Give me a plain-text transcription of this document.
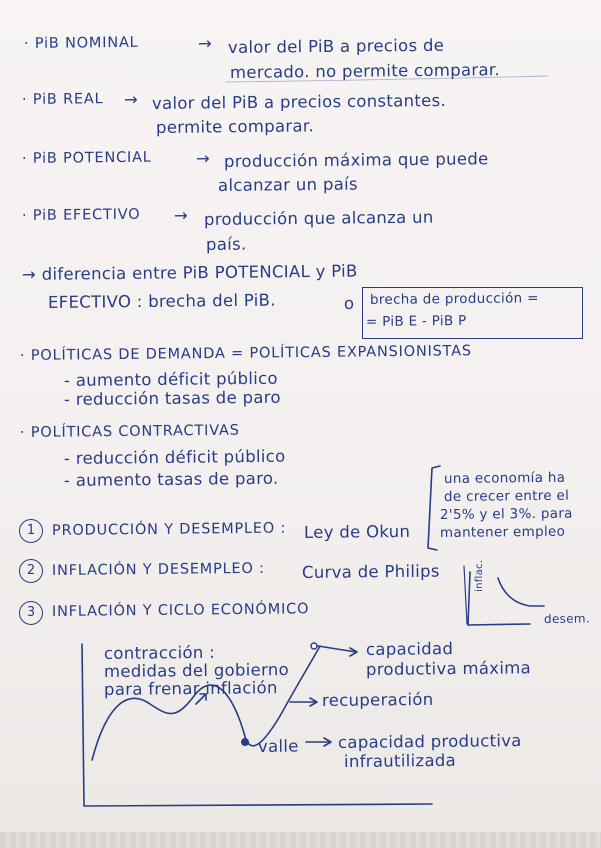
· PiB NOMINAL	→ valor del PiB a precios de
mercado. no permite comparar.
· PiB REAL → valor del PiB a precios constantes.
permite comparar.
· PiB POTENCIAL	→ producción máxima que puede
alcanzar un país
· PiB EFECTIVO → producción que alcanza un
país.
→ diferencia entre PiB POTENCIAL y PiB
EFECTIVO : brecha del PiB.	o brecha de producción =
= PiB E - PiB P
· POLÍTICAS DE DEMANDA = POLÍTICAS EXPANSIONISTAS
- aumento déficit público
- reducción tasas de paro
· POLÍTICAS CONTRACTIVAS
- reducción déficit público
- aumento tasas de paro.	una economía ha
de crecer entre el
2'5% y el 3%. para
mantener empleo
1	PRODUCCIÓN Y DESEMPLEO : Ley de Okun
2	INFLACIÓN Y DESEMPLEO : Curva de Philips
3	INFLACIÓN Y CICLO ECONÓMICO
inflac.
desem.
contracción :
medidas del gobierno
para frenar inflación
capacidad
productiva máxima
recuperación
valle capacidad productiva
infrautilizada
